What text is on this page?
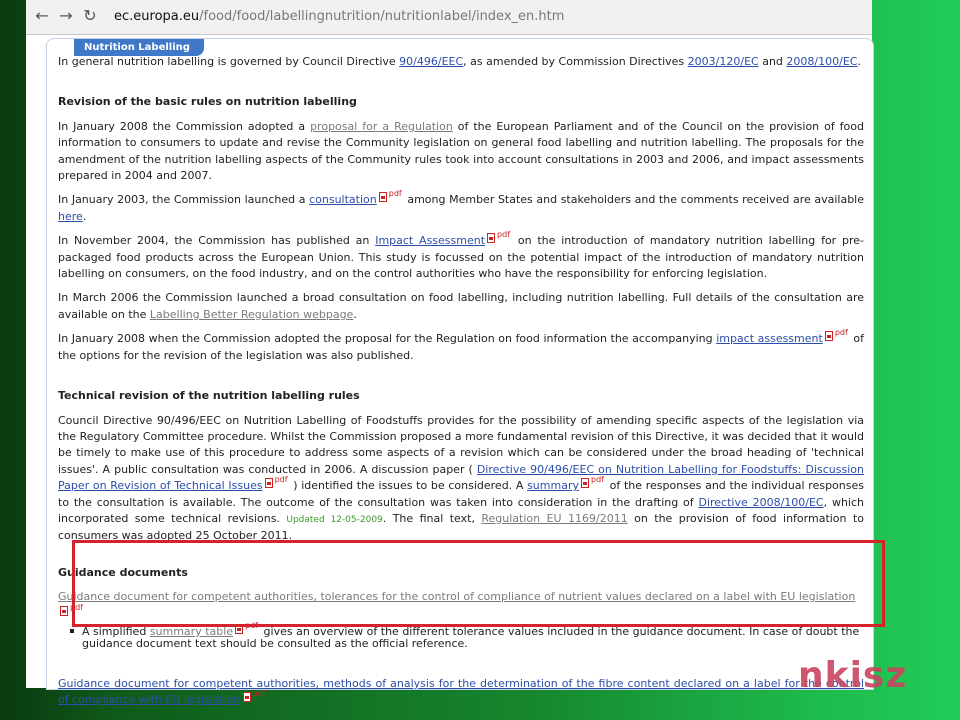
← → ↻ ec.europa.eu/food/food/labellingnutrition/nutritionlabel/index_en.htm
Nutrition Labelling

In general nutrition labelling is governed by Council Directive 90/496/EEC, as amended by Commission Directives 2003/120/EC and 2008/100/EC.

Revision of the basic rules on nutrition labelling

In January 2008 the Commission adopted a proposal for a Regulation of the European Parliament and of the Council on the provision of food information to consumers to update and revise the Community legislation on general food labelling and nutrition labelling. The proposals for the amendment of the nutrition labelling aspects of the Community rules took into account consultations in 2003 and 2006, and impact assessments prepared in 2004 and 2007.

In January 2003, the Commission launched a consultation pdf among Member States and stakeholders and the comments received are available here.

In November 2004, the Commission has published an Impact Assessment pdf on the introduction of mandatory nutrition labelling for pre-packaged food products across the European Union. This study is focussed on the potential impact of the introduction of mandatory nutrition labelling on consumers, on the food industry, and on the control authorities who have the responsibility for enforcing legislation.

In March 2006 the Commission launched a broad consultation on food labelling, including nutrition labelling. Full details of the consultation are available on the Labelling Better Regulation webpage.

In January 2008 when the Commission adopted the proposal for the Regulation on food information the accompanying impact assessment pdf of the options for the revision of the legislation was also published.

Technical revision of the nutrition labelling rules

Council Directive 90/496/EEC on Nutrition Labelling of Foodstuffs provides for the possibility of amending specific aspects of the legislation via the Regulatory Committee procedure. Whilst the Commission proposed a more fundamental revision of this Directive, it was decided that it would be timely to make use of this procedure to address some aspects of a revision which can be considered under the broad heading of 'technical issues'. A public consultation was conducted in 2006. A discussion paper ( Directive 90/496/EEC on Nutrition Labelling for Foodstuffs: Discussion Paper on Revision of Technical Issues pdf ) identified the issues to be considered. A summary pdf of the responses and the individual responses to the consultation is available. The outcome of the consultation was taken into consideration in the drafting of Directive 2008/100/EC, which incorporated some technical revisions. Updated 12-05-2009. The final text, Regulation EU 1169/2011 on the provision of food information to consumers was adopted 25 October 2011.

Guidance documents

Guidance document for competent authorities, tolerances for the control of compliance of nutrient values declared on a label with EU legislation
pdf

A simplified summary table pdf gives an overview of the different tolerance values included in the guidance document. In case of doubt the guidance document text should be consulted as the official reference.

Guidance document for competent authorities, methods of analysis for the determination of the fibre content declared on a label for the control of compliance with EU legislation pdf	nkisz
